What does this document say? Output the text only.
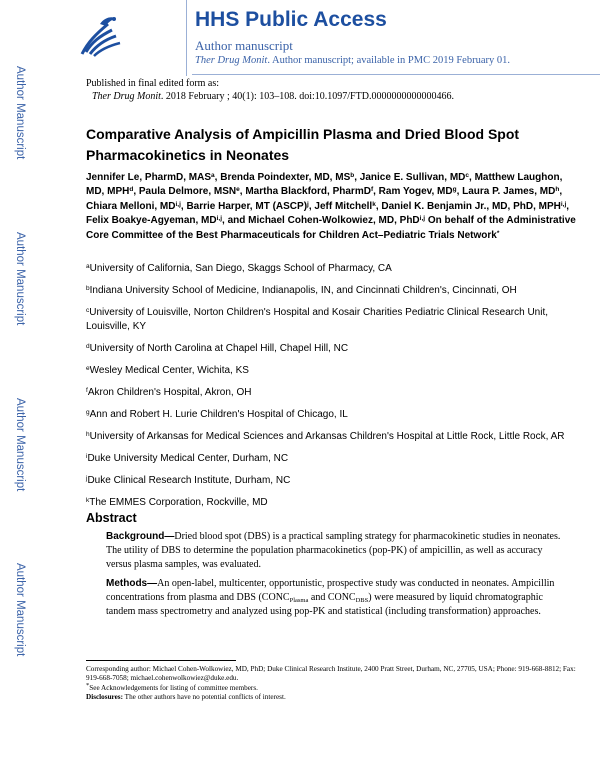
Author Manuscript
Author Manuscript
Author Manuscript
Author Manuscript
HHS Public Access
Author manuscript
Ther Drug Monit. Author manuscript; available in PMC 2019 February 01.
Published in final edited form as:
Ther Drug Monit. 2018 February ; 40(1): 103–108. doi:10.1097/FTD.0000000000000466.
Comparative Analysis of Ampicillin Plasma and Dried Blood Spot Pharmacokinetics in Neonates
Jennifer Le, PharmD, MAS$^a$, Brenda Poindexter, MD, $MS^b$, Janice E. Sullivan, $MD^c$, Matthew Laughon, MD, MPH$^d$, Paula Delmore, MSN$^e$, Martha Blackford, PharmD$^f$, Ram Yogev, $MD^g$, Laura P. James, $MD^h$, Chiara Melloni, MD$^{i,j}$, Barrie Harper, MT (ASCP)$^j$, Jeff Mitchell$^k$, Daniel K. Benjamin Jr., MD, PhD, MPH$^{i,j}$, Felix Boakye-Agyeman, MD$^{i,j}$, and Michael Cohen-Wolkowiez, MD, PhD$^{i,j}$ On behalf of the Administrative Core Committee of the Best Pharmaceuticals for Children Act–Pediatric Trials Network*
$^a$University of California, San Diego, Skaggs School of Pharmacy, CA
$^b$Indiana University School of Medicine, Indianapolis, IN, and Cincinnati Children's, Cincinnati, OH
$^c$University of Louisville, Norton Children's Hospital and Kosair Charities Pediatric Clinical Research Unit, Louisville, KY
$^d$University of North Carolina at Chapel Hill, Chapel Hill, NC
$^e$Wesley Medical Center, Wichita, KS
$^f$Akron Children's Hospital, Akron, OH
$^g$Ann and Robert H. Lurie Children's Hospital of Chicago, IL
$^h$University of Arkansas for Medical Sciences and Arkansas Children's Hospital at Little Rock, Little Rock, AR
$^i$Duke University Medical Center, Durham, NC
$^j$Duke Clinical Research Institute, Durham, NC
$^k$The EMMES Corporation, Rockville, MD
Abstract
Background—Dried blood spot (DBS) is a practical sampling strategy for pharmacokinetic studies in neonates. The utility of DBS to determine the population pharmacokinetics (pop-PK) of ampicillin, as well as accuracy versus plasma samples, was evaluated.
Methods—An open-label, multicenter, opportunistic, prospective study was conducted in neonates. Ampicillin concentrations from plasma and DBS ($CONC_{Plasma}$ and $CONC_{DBS}$) were measured by liquid chromatographic tandem mass spectrometry and analyzed using pop-PK and statistical (including transformation) approaches.
Corresponding author: Michael Cohen-Wolkowiez, MD, PhD; Duke Clinical Research Institute, 2400 Pratt Street, Durham, NC, 27705, USA; Phone: 919-668-8812; Fax: 919-668-7058; michael.cohenwolkowiez@duke.edu.
*See Acknowledgements for listing of committee members.
Disclosures: The other authors have no potential conflicts of interest.
